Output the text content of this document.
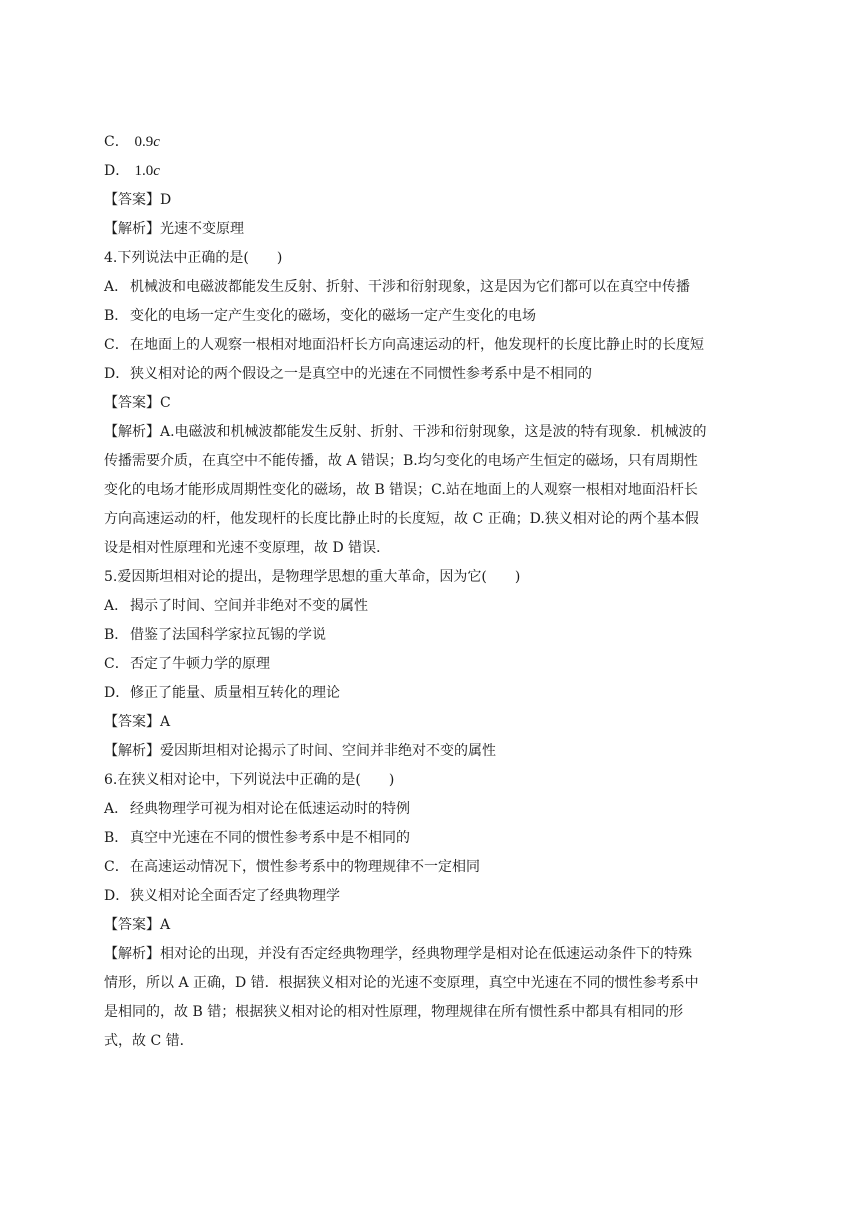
C． 0.9c
D． 1.0c
【答案】D
【解析】光速不变原理
4.下列说法中正确的是(　　)
A． 机械波和电磁波都能发生反射、折射、干涉和衍射现象，这是因为它们都可以在真空中传播
B． 变化的电场一定产生变化的磁场，变化的磁场一定产生变化的电场
C．在地面上的人观察一根相对地面沿杆长方向高速运动的杆，他发现杆的长度比静止时的长度短
D．狭义相对论的两个假设之一是真空中的光速在不同惯性参考系中是不相同的
【答案】C
【解析】A.电磁波和机械波都能发生反射、折射、干涉和衍射现象，这是波的特有现象．机械波的
传播需要介质，在真空中不能传播，故 A 错误；B.均匀变化的电场产生恒定的磁场，只有周期性
变化的电场才能形成周期性变化的磁场，故 B 错误；C.站在地面上的人观察一根相对地面沿杆长
方向高速运动的杆，他发现杆的长度比静止时的长度短，故 C 正确；D.狭义相对论的两个基本假
设是相对性原理和光速不变原理，故 D 错误．
5.爱因斯坦相对论的提出，是物理学思想的重大革命，因为它(　　)
A． 揭示了时间、空间并非绝对不变的属性
B． 借鉴了法国科学家拉瓦锡的学说
C．否定了牛顿力学的原理
D．修正了能量、质量相互转化的理论
【答案】A
【解析】爱因斯坦相对论揭示了时间、空间并非绝对不变的属性
6.在狭义相对论中，下列说法中正确的是(　　)
A． 经典物理学可视为相对论在低速运动时的特例
B． 真空中光速在不同的惯性参考系中是不相同的
C．在高速运动情况下，惯性参考系中的物理规律不一定相同
D．狭义相对论全面否定了经典物理学
【答案】A
【解析】相对论的出现，并没有否定经典物理学，经典物理学是相对论在低速运动条件下的特殊
情形，所以 A 正确，D 错．根据狭义相对论的光速不变原理，真空中光速在不同的惯性参考系中
是相同的，故 B 错；根据狭义相对论的相对性原理，物理规律在所有惯性系中都具有相同的形
式，故 C 错．
